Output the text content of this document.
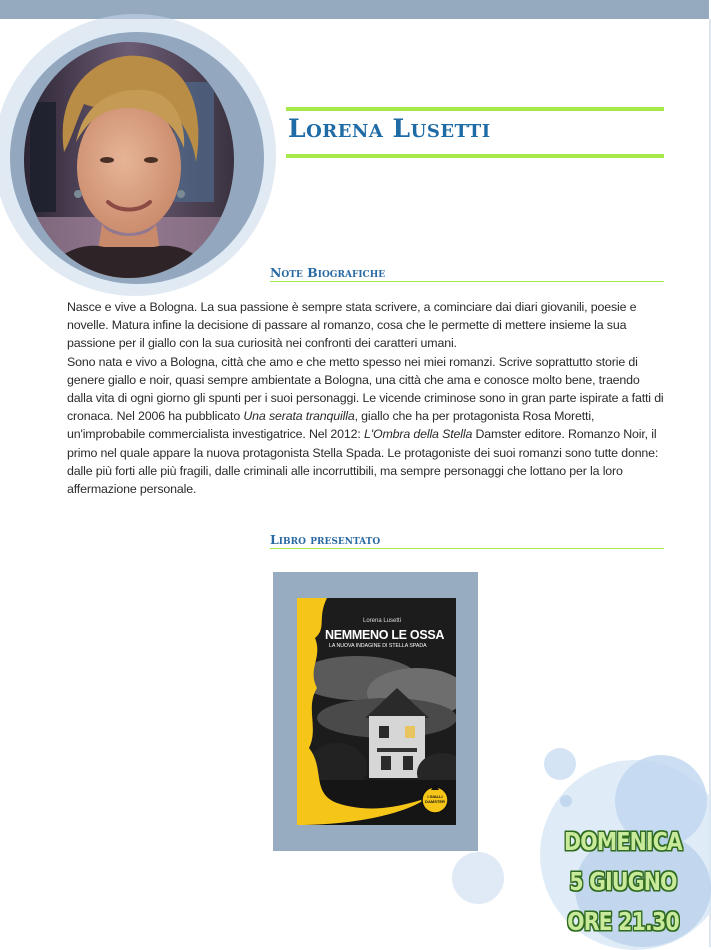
Lorena Lusetti
Note Biografiche

Nasce e vive a Bologna. La sua passione è sempre stata scrivere, a cominciare dai diari giovanili, poesie e novelle. Matura infine la decisione di passare al romanzo, cosa che le permette di mettere insieme la sua passione per il giallo con la sua curiosità nei confronti dei caratteri umani.

Sono nata e vivo a Bologna, città che amo e che metto spesso nei miei romanzi. Scrive soprattutto storie di genere giallo e noir, quasi sempre ambientate a Bologna, una città che ama e conosce molto bene, traendo dalla vita di ogni giorno gli spunti per i suoi personaggi. Le vicende criminose sono in gran parte ispirate a fatti di cronaca. Nel 2006 ha pubblicato Una serata tranquilla, giallo che ha per protagonista Rosa Moretti, un'improbabile commercialista investigatrice. Nel 2012: L'Ombra della Stella Damster editore. Romanzo Noir, il primo nel quale appare la nuova protagonista Stella Spada. Le protagoniste dei suoi romanzi sono tutte donne: dalle più forti alle più fragili, dalle criminali alle incorruttibili, ma sempre personaggi che lottano per la loro affermazione personale.

Libro presentato
Lorena Lusetti
NEMMENO LE OSSA
LA NUOVA INDAGINE DI STELLA SPADA
I GIALLI
DAMSTER
DOMENICA
5 GIUGNO
ORE 21.30
